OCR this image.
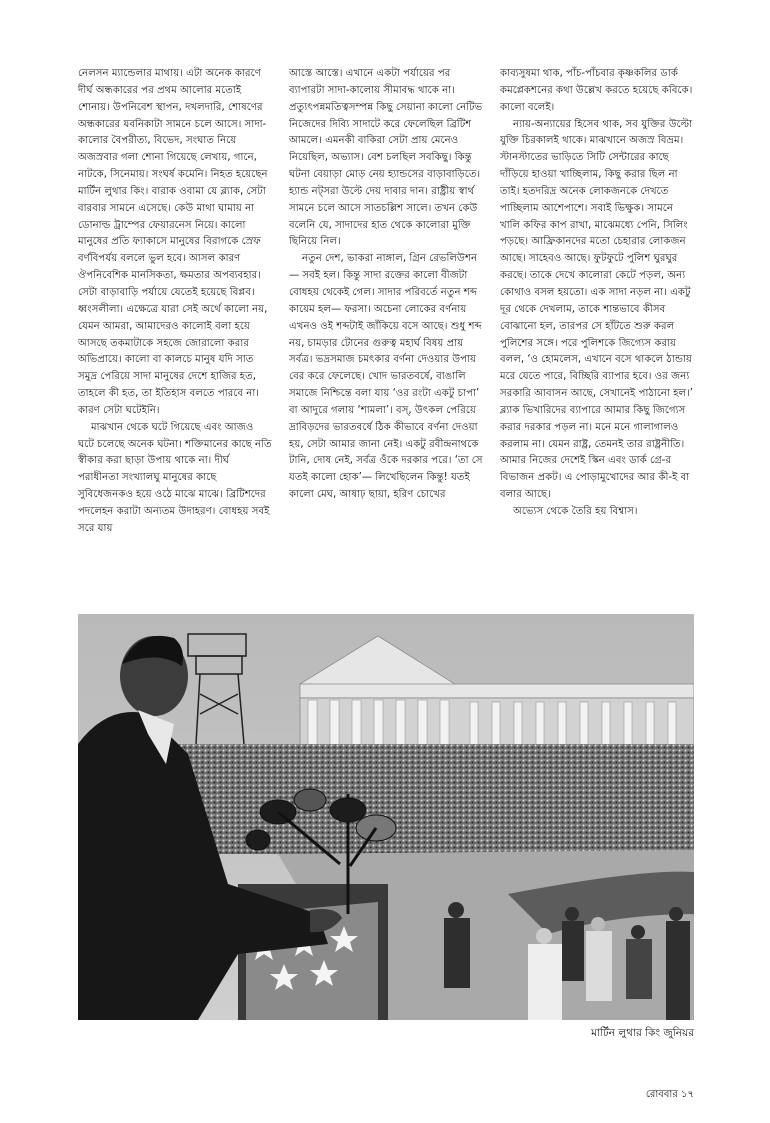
নেলসন ম্যান্ডেলার মাথায়। এটা অনেক কারণে দীর্ঘ অন্ধকারের পর প্রথম আলোর মতোই শোনায়। উপনিবেশ স্থাপন, দখলদারি, শোষণের অন্ধকারের যবনিকাটা সামনে চলে আসে। সাদা-কালোর বৈপরীত্য, বিভেদ, সংঘাত নিয়ে অজস্রবার গলা শোনা গিয়েছে লেখায়, গানে, নাটকে, সিনেমায়। সংঘর্ষ কমেনি। নিহত হয়েছেন মার্টিন লুথার কিং। বারাক ওবামা যে ব্ল্যাক, সেটা বারবার সামনে এসেছে। কেউ মাথা ঘামায় না ডোনাল্ড ট্রাম্পের ফেয়ারনেস নিয়ে। কালো মানুষের প্রতি ফ্যাকাসে মানুষের বিরাগকে স্রেফ বর্ণবিপর্যয় বললে ভুল হবে। আসল কারণ ঔপনিবেশিক মানসিকতা, ক্ষমতার অপব্যবহার। সেটা বাড়াবাড়ি পর্যায়ে যেতেই হয়েছে বিপ্লব। ধ্বংসলীলা। এক্ষেত্রে যারা সেই অর্থে কালো নয়, যেমন আমরা, আমাদেরও কালোই বলা হয়ে আসছে তকমাটাকে সহজে জোরালো করার অভিপ্রায়ে। কালো বা কালচে মানুষ যদি সাত সমুদ্র পেরিয়ে সাদা মানুষের দেশে হাজির হত, তাহলে কী হত, তা ইতিহাস বলতে পারবে না। কারণ সেটা ঘটেইনি।

মাঝখান থেকে ঘটে গিয়েছে এবং আজও ঘটে চলেছে অনেক ঘটনা। শক্তিমানের কাছে নতি স্বীকার করা ছাড়া উপায় থাকে না। দীর্ঘ পরাধীনতা সংখ্যালঘু মানুষের কাছে সুবিধেজনকও হয়ে ওঠে মাঝে মাঝে। ব্রিটিশদের পদলেহন করাটা অন্যতম উদাহরণ। বোধহয় সবই সরে যায়

আস্তে আস্তে। এখানে একটা পর্যায়ের পর ব্যাপারটা সাদা-কালোয় সীমাবদ্ধ থাকে না। প্রত্যুৎপন্নমতিত্বসম্পন্ন কিছু সেয়ানা কালো নেটিভ নিজেদের দিব্যি সাদাটে করে ফেলেছিল ব্রিটিশ আমলে। এমনকী বাকিরা সেটা প্রায় মেনেও নিয়েছিল, অভ্যাস। বেশ চলছিল সবকিছু। কিন্তু ঘটনা বেয়াড়া মোড় নেয় হ্যান্ডসের বাড়াবাড়িতে। হ্যান্ড নট্সরা উল্টে দেয় দাবার দান। রাষ্ট্রীয় স্বার্থ সামনে চলে আসে সাতচল্লিশ সালে। তখন কেউ বলেনি যে, সাদাদের হাত থেকে কালোরা মুক্তি ছিনিয়ে নিল।

নতুন দেশ, ভাকরা নাঙ্গাল, গ্রিন রেভলিউশন— সবই হল। কিন্তু সাদা রক্তের কালো বীজটা বোধহয় থেকেই গেল। সাদার পরিবর্তে নতুন শব্দ কায়েম হল— ফরসা। অচেনা লোকের বর্ণনায় এখনও ওই শব্দটাই জাঁকিয়ে বসে আছে। শুধু শব্দ নয়, চামড়ার টোনের গুরুত্ব মহার্ঘ বিষয় প্রায় সর্বত্র। ভদ্রসমাজ চমৎকার বর্ণনা দেওয়ার উপায় বের করে ফেলেছে। খোদ ভারতবর্ষে, বাঙালি সমাজে নিশ্চিন্তে বলা যায় ‘ওর রংটা একটু চাপা’ বা আদুরে গলায় ‘শামলা’। বস্, উৎকল পেরিয়ে দ্রাবিড়দের ভারতবর্ষে ঠিক কীভাবে বর্ণনা দেওয়া হয়, সেটা আমার জানা নেই। একটু রবীন্দ্রনাথকে টানি, দোষ নেই, সর্বত্র ওঁকে দরকার পরে। ‘তা সে যতই কালো হোক’— লিখেছিলেন কিন্তু! যতই কালো মেঘ, আষাঢ় ছায়া, হরিণ চোখের

কাব্যসুষমা থাক, পাঁচ-পাঁচবার কৃষ্ণকলির ডার্ক কমপ্লেকশনের কথা উল্লেখ করতে হয়েছে কবিকে। কালো বলেই।

ন্যায়-অন্যায়ের হিসেব থাক, সব যুক্তির উল্টো যুক্তি চিরকালই থাকে। মাঝখানে অজস্র বিভ্রম। স্টানস্টাতের ভাড়িতে সিটি সেন্টারের কাছে দাঁড়িয়ে হাওয়া খাচ্ছিলাম, কিছু করার ছিল না তাই। হতদরিদ্র অনেক লোকজনকে দেখতে পাচ্ছিলাম আশেপাশে। সবাই ভিক্ষুক। সামনে খালি কফির কাপ রাখা, মাঝেমধ্যে পেনি, সিলিং পড়ছে। আফ্রিকানদের মতো চেহারার লোকজন আছে। সাহেবও আছে। ফুটফুটে পুলিশ ঘুরঘুর করছে। তাকে দেখে কালোরা কেটে পড়ল, অন্য কোথাও বসল হয়তো। এক সাদা নড়ল না। একটু দূর থেকে দেখলাম, তাকে শান্তভাবে কীসব বোঝানো হল, তারপর সে হাঁটতে শুরু করল পুলিশের সঙ্গে। পরে পুলিশকে জিগ্যেস করায় বলল, ‘ও হোমলেস, এখানে বসে থাকলে ঠান্ডায় মরে যেতে পারে, বিচ্ছিরি ব্যাপার হবে। ওর জন্য সরকারি আবাসন আছে, সেখানেই পাঠানো হল।’ ব্ল্যাক ভিখারিদের ব্যাপারে আমার কিছু জিগ্যেস করার দরকার পড়ল না। মনে মনে গালাগালও করলাম না। যেমন রাষ্ট্র, তেমনই তার রাষ্ট্রনীতি। আমার নিজের দেশেই স্কিন এবং ডার্ক গ্রে-র বিভাজন প্রকট। এ পোড়ামুখোদের আর কী-ই বা বলার আছে।

অভ্যেস থেকে তৈরি হয় বিশ্বাস।

মার্টিন লুথার কিং জুনিয়র
রোববার ১৭
